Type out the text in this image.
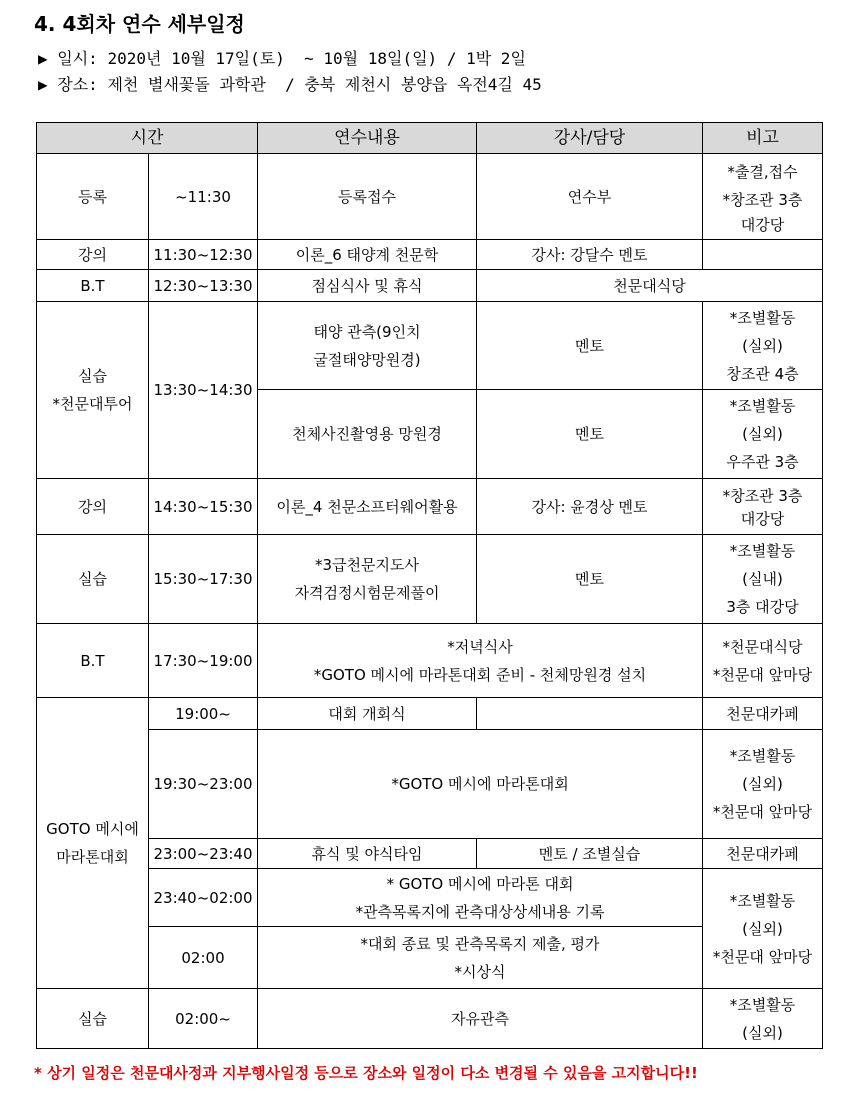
4. 4회차 연수 세부일정
▶ 일시: 2020년 10월 17일(토)  ~ 10월 18일(일) / 1박 2일
▶ 장소: 제천 별새꽃돌 과학관  / 충북 제천시 봉양읍 옥전4길 45
시간		연수내용	강사/담당	비고
등록	~11:30	등록접수	연수부	*출결,접수
*창조관 3층
대강당

강의	11:30~12:30	이론_6 태양계 천문학	강사: 강달수 멘토	
B.T	12:30~13:30	점심식사 및 휴식	천문대식당	

실습
*천문대투어	13:30~14:30	태양 관측(9인치
굴절태양망원경)	멘토	*조별활동
(실외)
창조관 4층

		천체사진촬영용 망원경	멘토	*조별활동
(실외)
우주관 3층

강의	14:30~15:30	이론_4 천문소프터웨어활용	강사: 윤경상 멘토	*창조관 3층
대강당

실습	15:30~17:30	*3급천문지도사
자격검정시험문제풀이	멘토	*조별활동
(실내)
3층 대강당

B.T	17:30~19:00	*저녁식사
*GOTO 메시에 마라톤대회 준비 - 천체망원경 설치		*천문대식당
*천문대 앞마당

GOTO 메시에
마라톤대회	19:00~	대회 개회식		천문대카페
	19:30~23:00	*GOTO 메시에 마라톤대회		*조별활동
(실외)
*천문대 앞마당

	23:00~23:40	휴식 및 야식타임	멘토 / 조별실습	천문대카페
	23:40~02:00	* GOTO 메시에 마라톤 대회
*관측목록지에 관측대상상세내용 기록		*조별활동
(실외)
*천문대 앞마당

	02:00	*대회 종료 및 관측목록지 제출, 평가
*시상식		

실습	02:00~	자유관측		*조별활동
(실외)
* 상기 일정은 천문대사정과 지부행사일정 등으로 장소와 일정이 다소 변경될 수 있음을 고지합니다!!
